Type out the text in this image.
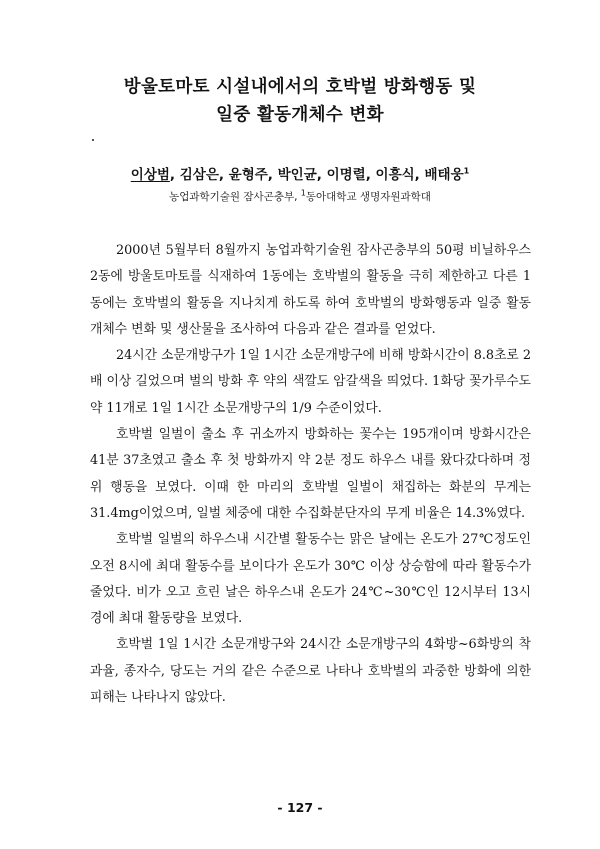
방울토마토 시설내에서의 호박벌 방화행동 및
일중 활동개체수 변화
이상범, 김삼은, 윤형주, 박인균, 이명렬, 이흥식, 배태웅$^1$
농업과학기술원 잠사곤충부, $^1$동아대학교 생명자원과학대

2000년 5월부터 8월까지 농업과학기술원 잠사곤충부의 50평 비닐하우스 2동에 방울토마토를 식재하여 1동에는 호박벌의 활동을 극히 제한하고 다른 1동에는 호박벌의 활동을 지나치게 하도록 하여 호박벌의 방화행동과 일중 활동개체수 변화 및 생산물을 조사하여 다음과 같은 결과를 얻었다.

24시간 소문개방구가 1일 1시간 소문개방구에 비해 방화시간이 8.8초로 2배 이상 길었으며 벌의 방화 후 약의 색깔도 암갈색을 띄었다. 1화당 꽃가루수도 약 11개로 1일 1시간 소문개방구의 1/9 수준이었다.

호박벌 일벌이 출소 후 귀소까지 방화하는 꽃수는 195개이며 방화시간은 41분 37초였고 출소 후 첫 방화까지 약 2분 정도 하우스 내를 왔다갔다하며 정위 행동을 보였다. 이때 한 마리의 호박벌 일벌이 채집하는 화분의 무게는 31.4mg이었으며, 일벌 체중에 대한 수집화분단자의 무게 비율은 14.3%였다.

호박벌 일벌의 하우스내 시간별 활동수는 맑은 날에는 온도가 27℃정도인 오전 8시에 최대 활동수를 보이다가 온도가 30℃ 이상 상승함에 따라 활동수가 줄었다. 비가 오고 흐린 날은 하우스내 온도가 24℃~30℃인 12시부터 13시경에 최대 활동량을 보였다.

호박벌 1일 1시간 소문개방구와 24시간 소문개방구의 4화방~6화방의 착과율, 종자수, 당도는 거의 같은 수준으로 나타나 호박벌의 과중한 방화에 의한 피해는 나타나지 않았다.

- 127 -
